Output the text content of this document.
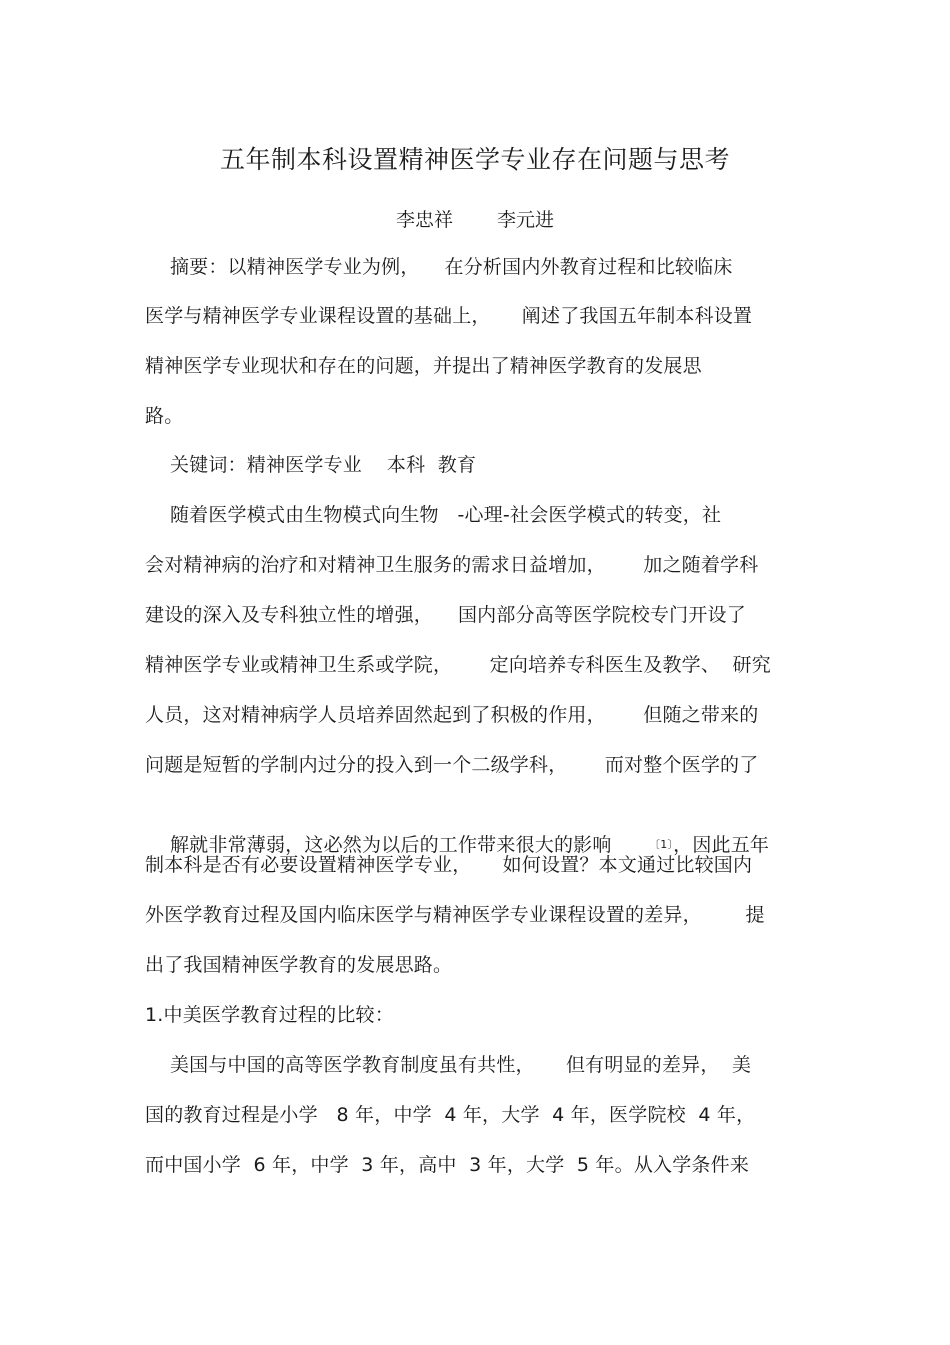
五年制本科设置精神医学专业存在问题与思考
李忠祥 李元进
摘要：以精神医学专业为例，    在分析国内外教育过程和比较临床
医学与精神医学专业课程设置的基础上，     阐述了我国五年制本科设置
精神医学专业现状和存在的问题，并提出了精神医学教育的发展思
路。
关键词：精神医学专业    本科  教育
随着医学模式由生物模式向生物   -心理-社会医学模式的转变，社
会对精神病的治疗和对精神卫生服务的需求日益增加，      加之随着学科
建设的深入及专科独立性的增强，    国内部分高等医学院校专门开设了
精神医学专业或精神卫生系或学院，      定向培养专科医生及教学、  研究
人员，这对精神病学人员培养固然起到了积极的作用，      但随之带来的
问题是短暂的学制内过分的投入到一个二级学科，      而对整个医学的了
制本科是否有必要设置精神医学专业，     如何设置？本文通过比较国内
外医学教育过程及国内临床医学与精神医学专业课程设置的差异，       提
出了我国精神医学教育的发展思路。
1.中美医学教育过程的比较：
美国与中国的高等医学教育制度虽有共性，     但有明显的差异，  美
国的教育过程是小学   8 年，中学  4 年，大学  4 年，医学院校  4 年，
而中国小学  6 年，中学  3 年，高中  3 年，大学  5 年。从入学条件来

解就非常薄弱，这必然为以后的工作带来很大的影响      $^{〔1〕}$，因此五年
